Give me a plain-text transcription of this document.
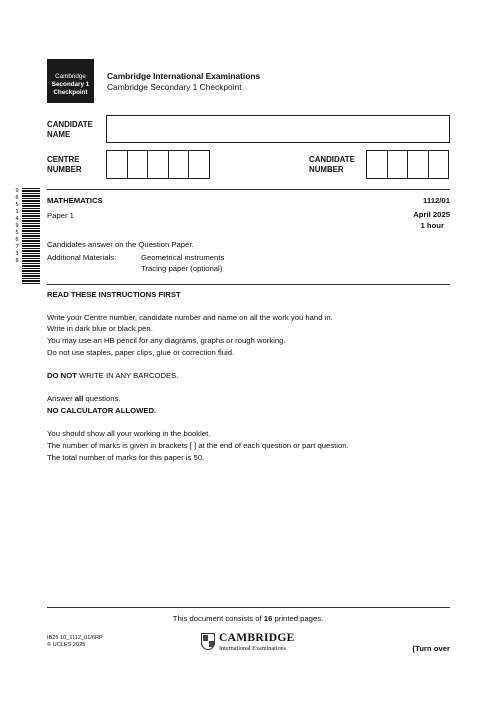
Cambridge
Secondary 1
Checkpoint
Cambridge International Examinations
Cambridge Secondary 1 Checkpoint
CANDIDATE
NAME
CENTRE
NUMBER
CANDIDATE
NUMBER
9 6 5 1 4 9 5 6 7 3 8
MATHEMATICS
Paper 1
1112/01
April 2025
1 hour
Candidates answer on the Question Paper.
Additional Materials:	Geometrical instruments
Tracing paper (optional)
READ THESE INSTRUCTIONS FIRST
Write your Centre number, candidate number and name on all the work you hand in.
Write in dark blue or black pen.
You may use an HB pencil for any diagrams, graphs or rough working.
Do not use staples, paper clips, glue or correction fluid.
DO NOT WRITE IN ANY BARCODES.
Answer all questions.
NO CALCULATOR ALLOWED.
You should show all your working in the booklet.
The number of marks is given in brackets [ ] at the end of each question or part question.
The total number of marks for this paper is 50.
This document consists of 16 printed pages.
IB25 10_1112_01/6RP
© UCLES 2025
CAMBRIDGE
International Examinations	[Turn over
